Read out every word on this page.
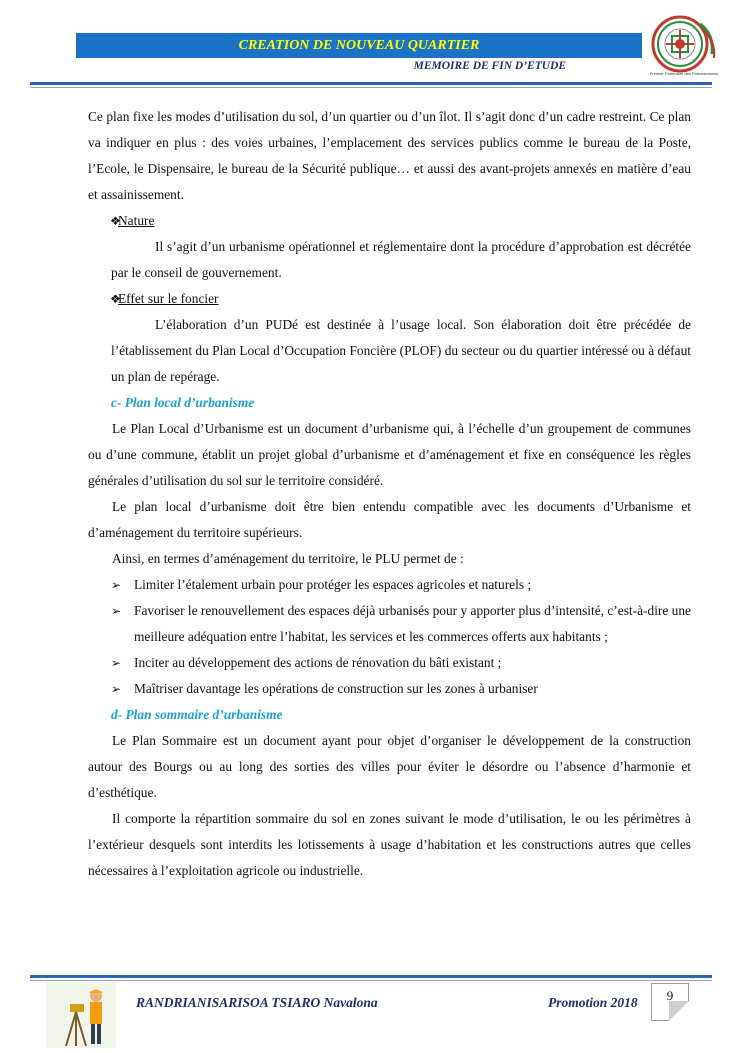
CREATION DE NOUVEAU QUARTIER
MEMOIRE DE FIN D’ETUDE
Premier Partenaire des Professionnels

Ce plan fixe les modes d’utilisation du sol, d’un quartier ou d’un îlot. Il s’agit donc d’un cadre restreint. Ce plan va indiquer en plus : des voies urbaines, l’emplacement des services publics comme le bureau de la Poste, l’Ecole, le Dispensaire, le bureau de la Sécurité publique… et aussi des avant-projets annexés en matière d’eau et assainissement.

❖
Nature

Il s’agit d’un urbanisme opérationnel et réglementaire dont la procédure d’approbation est décrétée par le conseil de gouvernement.

❖
Effet sur le foncier

L’élaboration d’un PUDé est destinée à l’usage local. Son élaboration doit être précédée de l’établissement du Plan Local d’Occupation Foncière (PLOF) du secteur ou du quartier intéressé ou à défaut un plan de repérage.

c- Plan local d’urbanisme

Le Plan Local d’Urbanisme est un document d’urbanisme qui, à l’échelle d’un groupement de communes ou d’une commune, établit un projet global d’urbanisme et d’aménagement et fixe en conséquence les règles générales d’utilisation du sol sur le territoire considéré.

Le plan local d’urbanisme doit être bien entendu compatible avec les documents d’Urbanisme et d’aménagement du territoire supérieurs.

Ainsi, en termes d’aménagement du territoire, le PLU permet de :

➢ Limiter l’étalement urbain pour protéger les espaces agricoles et naturels ;

➢ Favoriser le renouvellement des espaces déjà urbanisés pour y apporter plus d’intensité, c’est-à-dire une meilleure adéquation entre l’habitat, les services et les commerces offerts aux habitants ;

➢ Inciter au développement des actions de rénovation du bâti existant ;

➢ Maîtriser davantage les opérations de construction sur les zones à urbaniser

d- Plan sommaire d’urbanisme

Le Plan Sommaire est un document ayant pour objet d’organiser le développement de la construction autour des Bourgs ou au long des sorties des villes pour éviter le désordre ou l’absence d’harmonie et d’esthétique.

Il comporte la répartition sommaire du sol en zones suivant le mode d’utilisation, le ou les périmètres à l’extérieur desquels sont interdits les lotissements à usage d’habitation et les constructions autres que celles nécessaires à l’exploitation agricole ou industrielle.

RANDRIANISARISOA TSIARO Navalona	Promotion 2018	9
